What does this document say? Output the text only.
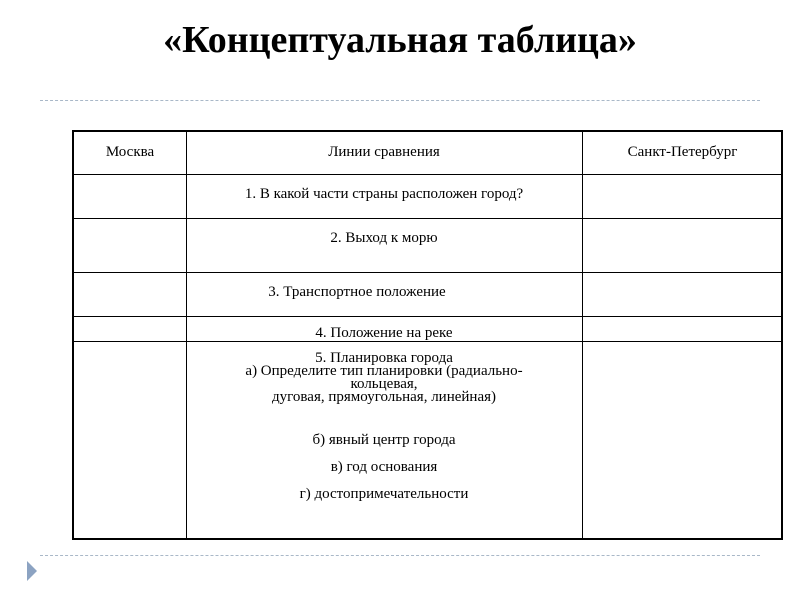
«Концептуальная таблица»
Москва	Линии сравнения	Санкт-Петербург
1. В какой части страны расположен город?
2. Выход к морю
3. Транспортное положение
4. Положение на реке
5. Планировка города
а) Определите тип планировки (радиально-
кольцевая,
дуговая, прямоугольная, линейная)
б) явный центр города
в) год основания
г) достопримечательности
